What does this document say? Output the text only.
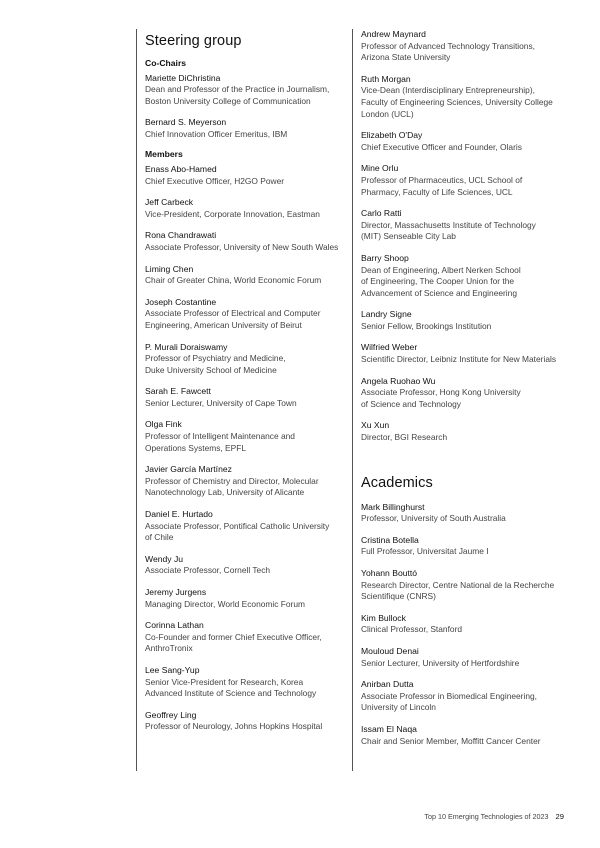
Steering group
Co-Chairs
Mariette DiChristina
Dean and Professor of the Practice in Journalism,
Boston University College of Communication
Bernard S. Meyerson
Chief Innovation Officer Emeritus, IBM
Members
Enass Abo-Hamed
Chief Executive Officer, H2GO Power
Jeff Carbeck
Vice-President, Corporate Innovation, Eastman
Rona Chandrawati
Associate Professor, University of New South Wales
Liming Chen
Chair of Greater China, World Economic Forum
Joseph Costantine
Associate Professor of Electrical and Computer
Engineering, American University of Beirut
P. Murali Doraiswamy
Professor of Psychiatry and Medicine,
Duke University School of Medicine
Sarah E. Fawcett
Senior Lecturer, University of Cape Town
Olga Fink
Professor of Intelligent Maintenance and
Operations Systems, EPFL
Javier García Martínez
Professor of Chemistry and Director, Molecular
Nanotechnology Lab, University of Alicante
Daniel E. Hurtado
Associate Professor, Pontifical Catholic University
of Chile
Wendy Ju
Associate Professor, Cornell Tech
Jeremy Jurgens
Managing Director, World Economic Forum
Corinna Lathan
Co-Founder and former Chief Executive Officer,
AnthroTronix
Lee Sang-Yup
Senior Vice-President for Research, Korea
Advanced Institute of Science and Technology
Geoffrey Ling
Professor of Neurology, Johns Hopkins Hospital
Andrew Maynard
Professor of Advanced Technology Transitions,
Arizona State University
Ruth Morgan
Vice-Dean (Interdisciplinary Entrepreneurship),
Faculty of Engineering Sciences, University College
London (UCL)
Elizabeth O'Day
Chief Executive Officer and Founder, Olaris
Mine Orlu
Professor of Pharmaceutics, UCL School of
Pharmacy, Faculty of Life Sciences, UCL
Carlo Ratti
Director, Massachusetts Institute of Technology
(MIT) Senseable City Lab
Barry Shoop
Dean of Engineering, Albert Nerken School
of Engineering, The Cooper Union for the
Advancement of Science and Engineering
Landry Signe
Senior Fellow, Brookings Institution
Wilfried Weber
Scientific Director, Leibniz Institute for New Materials
Angela Ruohao Wu
Associate Professor, Hong Kong University
of Science and Technology
Xu Xun
Director, BGI Research
Academics
Mark Billinghurst
Professor, University of South Australia
Cristina Botella
Full Professor, Universitat Jaume I
Yohann Bouttó
Research Director, Centre National de la Recherche
Scientifique (CNRS)
Kim Bullock
Clinical Professor, Stanford
Mouloud Denai
Senior Lecturer, University of Hertfordshire
Anirban Dutta
Associate Professor in Biomedical Engineering,
University of Lincoln
Issam El Naqa
Chair and Senior Member, Moffitt Cancer Center
Top 10 Emerging Technologies of 2023 29
